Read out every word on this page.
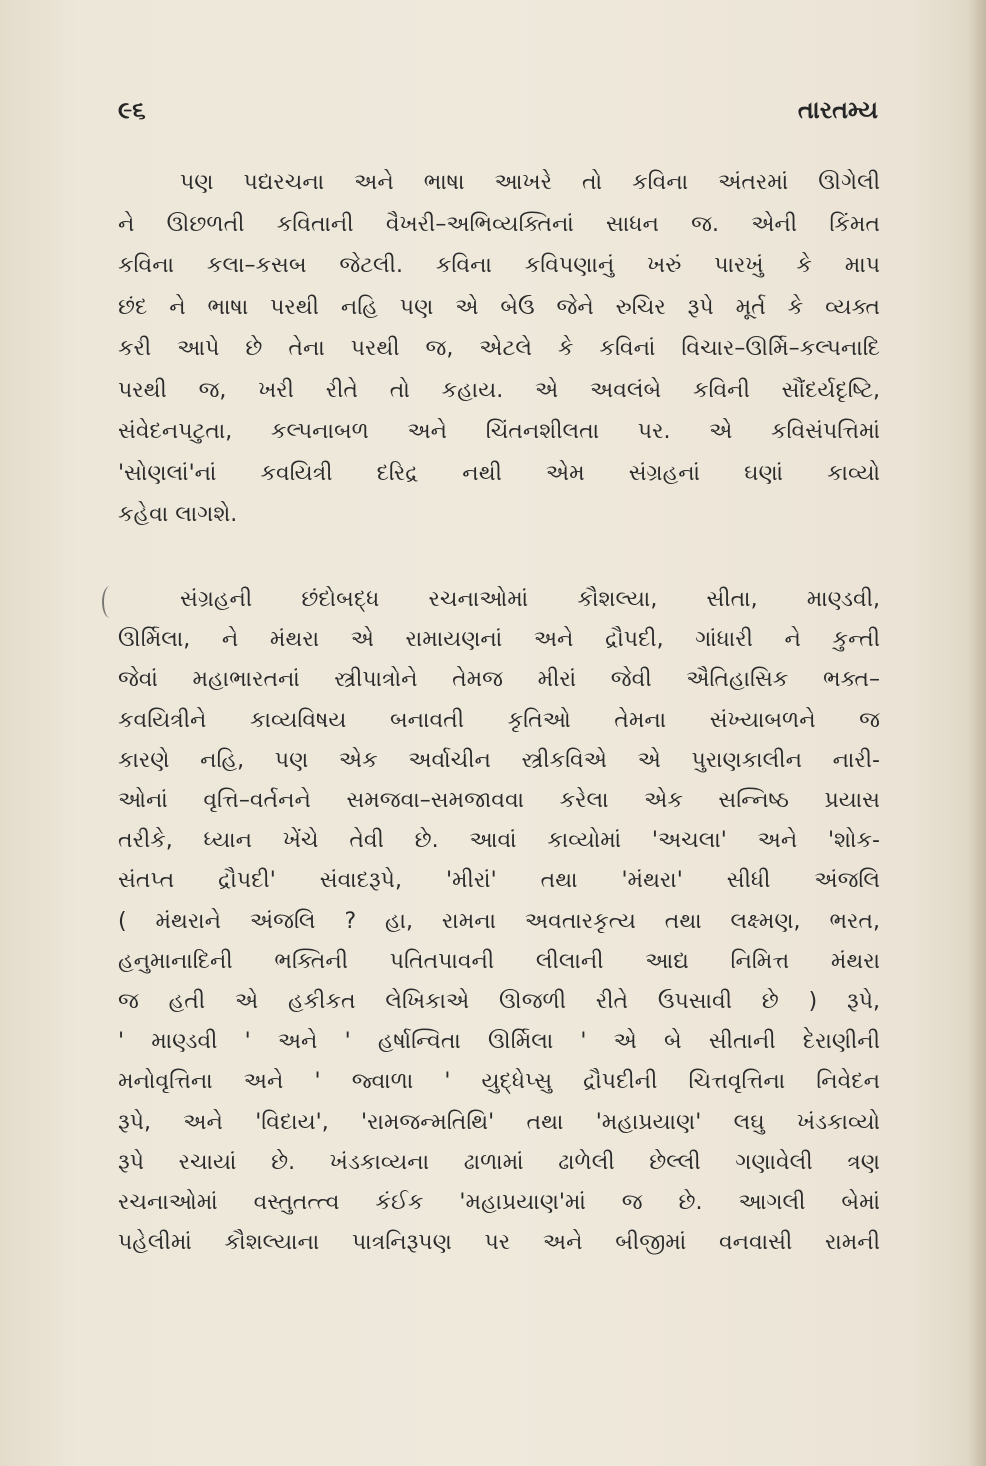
૯૬	તારતમ્ય

પણ પદ્યરચના અને ભાષા આખરે તો કવિના અંતરમાં ઊગેલી
ને ઊછળતી કવિતાની વૈખરી–અભિવ્યક્તિનાં સાધન જ. એની કિંમત
કવિના કલા–કસબ જેટલી. કવિના કવિપણાનું ખરું પારખું કે માપ
છંદ ને ભાષા પરથી નહિ પણ એ બેઉ જેને રુચિર રૂપે મૂર્ત કે વ્યક્ત
કરી આપે છે તેના પરથી જ, એટલે કે કવિનાં વિચાર–ઊર્મિ–કલ્પનાદિ
પરથી જ, ખરી રીતે તો કહાય. એ અવલંબે કવિની સૌંદર્યદૃષ્ટિ,
સંવેદનપટુતા, કલ્પનાબળ અને ચિંતનશીલતા પર. એ કવિસંપત્તિમાં
'સોણલાં'નાં કવયિત્રી દરિદ્ર નથી એમ સંગ્રહનાં ઘણાં કાવ્યો
કહેવા લાગશે.

સંગ્રહની છંદોબદ્ધ રચનાઓમાં કૌશલ્યા, સીતા, માણ્ડવી,
ઊર્મિલા, ને મંથરા એ રામાયણનાં અને દ્રૌપદી, ગાંધારી ને કુન્તી
જેવાં મહાભારતનાં સ્ત્રીપાત્રોને તેમજ મીરાં જેવી ઐતિહાસિક ભક્ત–
કવયિત્રીને કાવ્યવિષય બનાવતી કૃતિઓ તેમના સંખ્યાબળને જ
કારણે નહિ, પણ એક અર્વાચીન સ્ત્રીકવિએ એ પુરાણકાલીન નારી-
ઓનાં વૃત્તિ–વર્તનને સમજવા–સમજાવવા કરેલા એક સન્નિષ્ઠ પ્રયાસ
તરીકે, ધ્યાન ખેંચે તેવી છે. આવાં કાવ્યોમાં 'અચલા' અને 'શોક-
સંતપ્ત દ્રૌપદી' સંવાદરૂપે, 'મીરાં' તથા 'મંથરા' સીધી અંજલિ
( મંથરાને અંજલિ ? હા, રામના અવતારકૃત્ય તથા લક્ષ્મણ, ભરત,
હનુમાનાદિની ભક્તિની પતિતપાવની લીલાની આદ્ય નિમિત્ત મંથરા
જ હતી એ હકીકત લેખિકાએ ઊજળી રીતે ઉપસાવી છે ) રૂપે,
' માણ્ડવી ' અને ' હર્ષાન્વિતા ઊર્મિલા ' એ બે સીતાની દેરાણીની
મનોવૃત્તિના અને ' જ્વાળા ' યુદ્ધેપ્સુ દ્રૌપદીની ચિત્તવૃત્તિના નિવેદન
રૂપે, અને 'વિદાય', 'રામજન્મતિથિ' તથા 'મહાપ્રયાણ' લઘુ ખંડકાવ્યો
રૂપે રચાયાં છે. ખંડકાવ્યના ઢાળામાં ઢાળેલી છેલ્લી ગણાવેલી ત્રણ
રચનાઓમાં વસ્તુતત્ત્વ કંઈક 'મહાપ્રયાણ'માં જ છે. આગલી બેમાં
પહેલીમાં કૌશલ્યાના પાત્રનિરૂપણ પર અને બીજીમાં વનવાસી રામની
